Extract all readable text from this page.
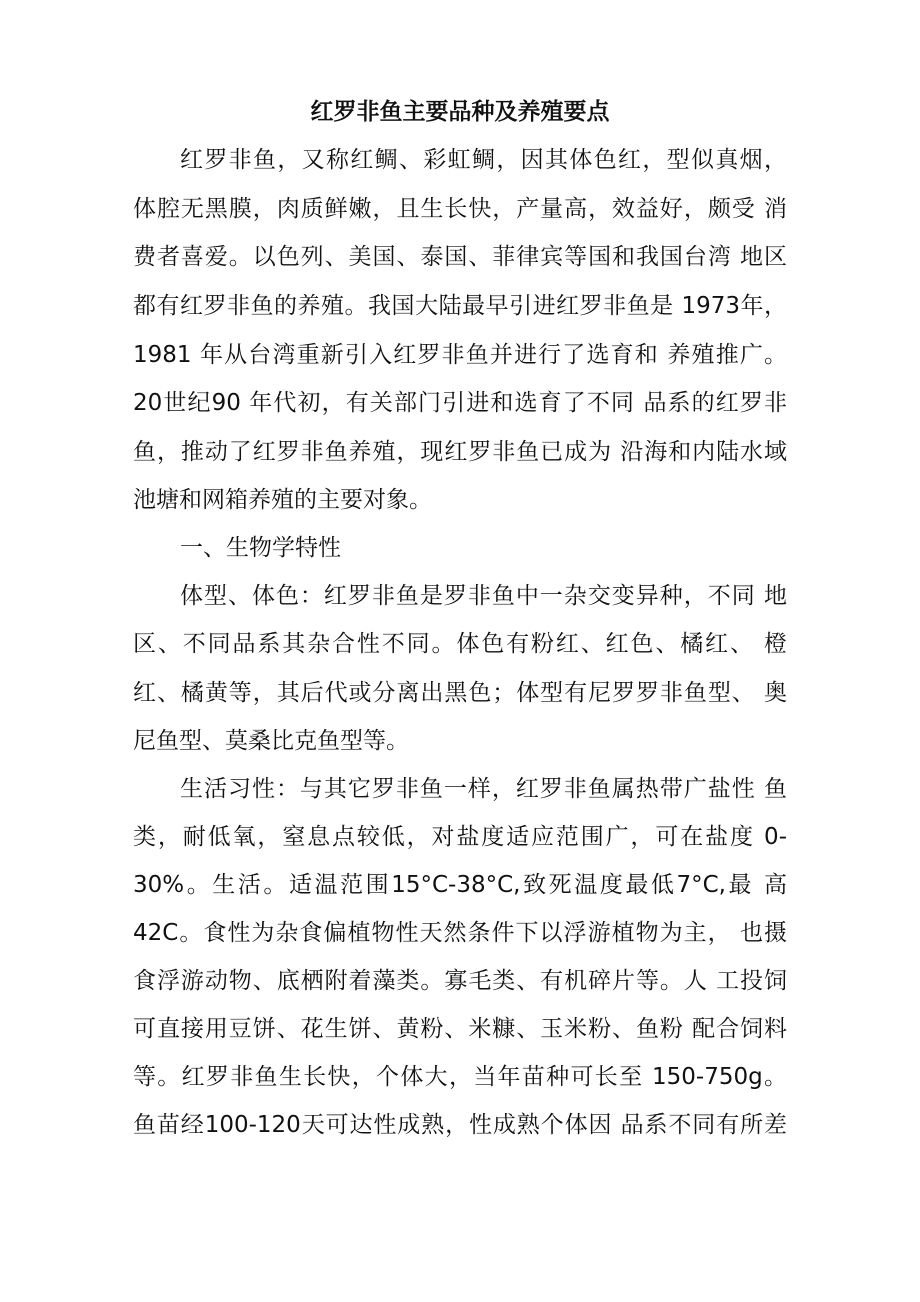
红罗非鱼主要品种及养殖要点

红罗非鱼，又称红鲷、彩虹鲷，因其体色红，型似真烟，

体腔无黑膜，肉质鲜嫩，且生长快，产量高，效益好，颇受 消

费者喜爱。以色列、美国、泰国、菲律宾等国和我国台湾 地区

都有红罗非鱼的养殖。我国大陆最早引进红罗非鱼是 1973年，

1981 年从台湾重新引入红罗非鱼并进行了选育和 养殖推广。

20世纪90 年代初，有关部门引进和选育了不同 品系的红罗非

鱼，推动了红罗非鱼养殖，现红罗非鱼已成为 沿海和内陆水域

池塘和网箱养殖的主要对象。

一、生物学特性

体型、体色：红罗非鱼是罗非鱼中一杂交变异种，不同 地

区、不同品系其杂合性不同。体色有粉红、红色、橘红、 橙

红、橘黄等，其后代或分离出黑色；体型有尼罗罗非鱼型、 奥

尼鱼型、莫桑比克鱼型等。

生活习性：与其它罗非鱼一样，红罗非鱼属热带广盐性 鱼

类，耐低氧，窒息点较低，对盐度适应范围广，可在盐度 0-

30%。生活。适温范围15°C-38°C,致死温度最低7°C,最 高

42C。食性为杂食偏植物性天然条件下以浮游植物为主， 也摄

食浮游动物、底栖附着藻类。寡毛类、有机碎片等。人 工投饲

可直接用豆饼、花生饼、黄粉、米糠、玉米粉、鱼粉 配合饲料

等。红罗非鱼生长快，个体大，当年苗种可长至 150-750g。

鱼苗经100-120天可达性成熟，性成熟个体因 品系不同有所差
